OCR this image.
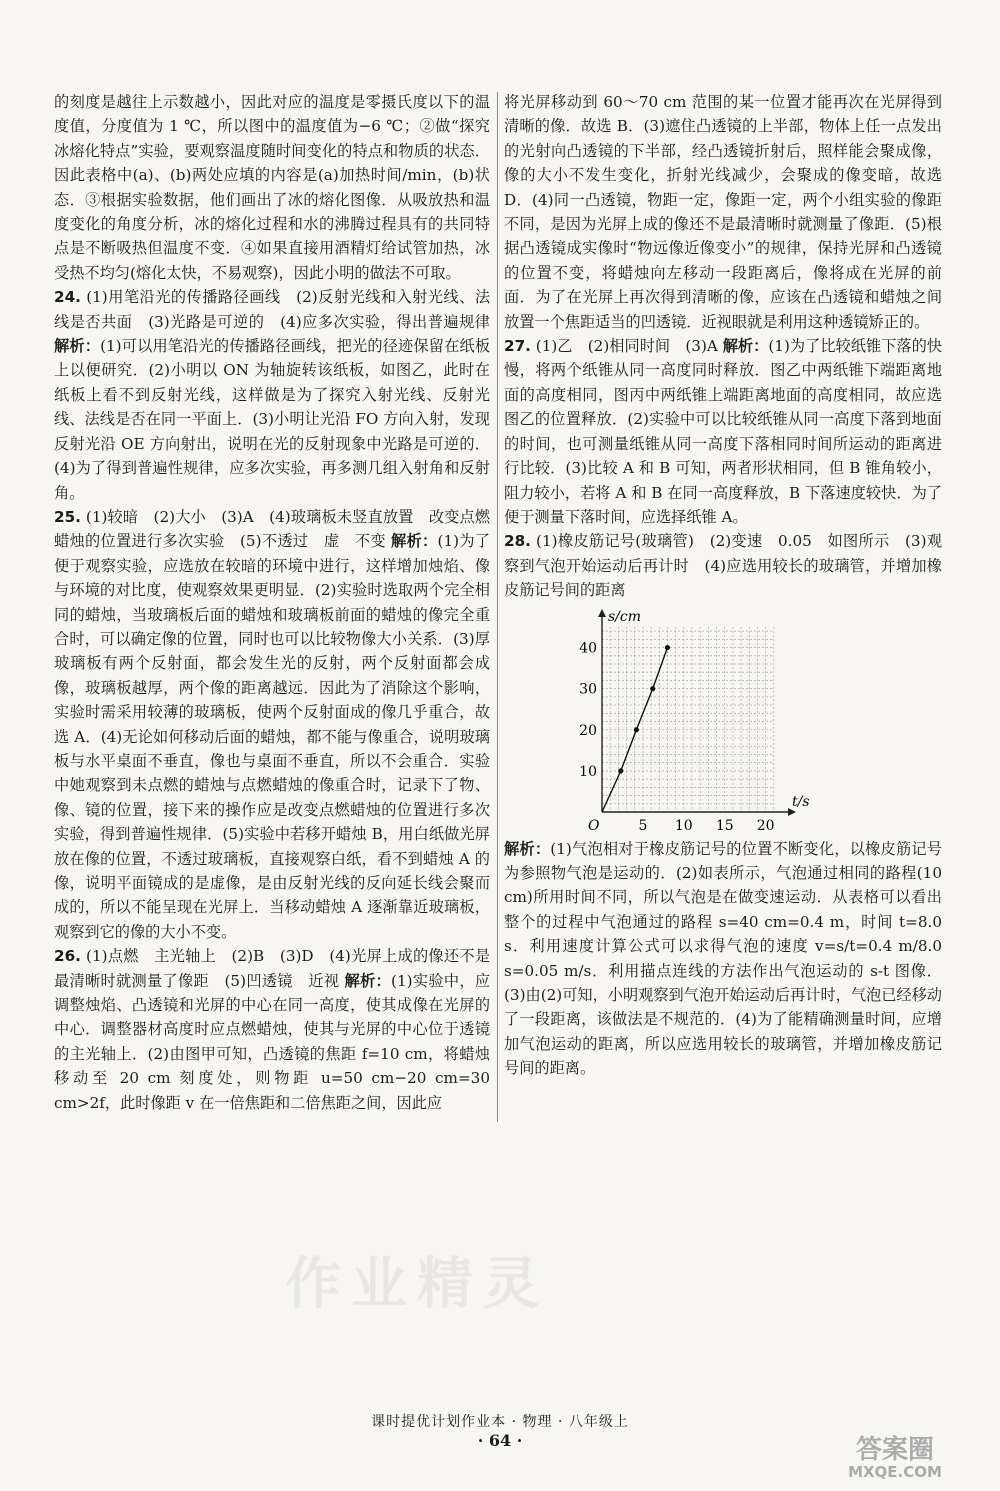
的刻度是越往上示数越小，因此对应的温度是零摄氏度以下的温度值，分度值为 1 ℃，所以图中的温度值为−6 ℃；②做“探究冰熔化特点”实验，要观察温度随时间变化的特点和物质的状态．因此表格中(a)、(b)两处应填的内容是(a)加热时间/min，(b)状态．③根据实验数据，他们画出了冰的熔化图像．从吸放热和温度变化的角度分析，冰的熔化过程和水的沸腾过程具有的共同特点是不断吸热但温度不变．④如果直接用酒精灯给试管加热，冰受热不均匀(熔化太快，不易观察)，因此小明的做法不可取。

24. (1)用笔沿光的传播路径画线　(2)反射光线和入射光线、法线是否共面　(3)光路是可逆的　(4)应多次实验，得出普遍规律 解析：(1)可以用笔沿光的传播路径画线，把光的径迹保留在纸板上以便研究．(2)小明以 ON 为轴旋转该纸板，如图乙，此时在纸板上看不到反射光线，这样做是为了探究入射光线、反射光线、法线是否在同一平面上．(3)小明让光沿 FO 方向入射，发现反射光沿 OE 方向射出，说明在光的反射现象中光路是可逆的．(4)为了得到普遍性规律，应多次实验，再多测几组入射角和反射角。

25. (1)较暗　(2)大小　(3)A　(4)玻璃板未竖直放置　改变点燃蜡烛的位置进行多次实验　(5)不透过　虚　不变 解析：(1)为了便于观察实验，应选放在较暗的环境中进行，这样增加烛焰、像与环境的对比度，使观察效果更明显．(2)实验时选取两个完全相同的蜡烛，当玻璃板后面的蜡烛和玻璃板前面的蜡烛的像完全重合时，可以确定像的位置，同时也可以比较物像大小关系．(3)厚玻璃板有两个反射面，都会发生光的反射，两个反射面都会成像，玻璃板越厚，两个像的距离越远．因此为了消除这个影响，实验时需采用较薄的玻璃板，使两个反射面成的像几乎重合，故选 A．(4)无论如何移动后面的蜡烛，都不能与像重合，说明玻璃板与水平桌面不垂直，像也与桌面不垂直，所以不会重合．实验中她观察到未点燃的蜡烛与点燃蜡烛的像重合时，记录下了物、像、镜的位置，接下来的操作应是改变点燃蜡烛的位置进行多次实验，得到普遍性规律．(5)实验中若移开蜡烛 B，用白纸做光屏放在像的位置，不透过玻璃板，直接观察白纸，看不到蜡烛 A 的像，说明平面镜成的是虚像，是由反射光线的反向延长线会聚而成的，所以不能呈现在光屏上．当移动蜡烛 A 逐渐靠近玻璃板，观察到它的像的大小不变。

26. (1)点燃　主光轴上　(2)B　(3)D　(4)光屏上成的像还不是最清晰时就测量了像距　(5)凹透镜　近视 解析：(1)实验中，应调整烛焰、凸透镜和光屏的中心在同一高度，使其成像在光屏的中心．调整器材高度时应点燃蜡烛，使其与光屏的中心位于透镜的主光轴上．(2)由图甲可知，凸透镜的焦距 f=10 cm，将蜡烛移动至 20 cm 刻度处，则物距 u=50 cm−20 cm=30 cm>2f，此时像距 v 在一倍焦距和二倍焦距之间，因此应

将光屏移动到 60～70 cm 范围的某一位置才能再次在光屏得到清晰的像．故选 B．(3)遮住凸透镜的上半部，物体上任一点发出的光射向凸透镜的下半部，经凸透镜折射后，照样能会聚成像，像的大小不发生变化，折射光线减少，会聚成的像变暗，故选 D．(4)同一凸透镜，物距一定，像距一定，两个小组实验的像距不同，是因为光屏上成的像还不是最清晰时就测量了像距．(5)根据凸透镜成实像时“物远像近像变小”的规律，保持光屏和凸透镜的位置不变，将蜡烛向左移动一段距离后，像将成在光屏的前面．为了在光屏上再次得到清晰的像，应该在凸透镜和蜡烛之间放置一个焦距适当的凹透镜．近视眼就是利用这种透镜矫正的。

27. (1)乙　(2)相同时间　(3)A 解析：(1)为了比较纸锥下落的快慢，将两个纸锥从同一高度同时释放．图乙中两纸锥下端距离地面的高度相同，图丙中两纸锥上端距离地面的高度相同，故应选图乙的位置释放．(2)实验中可以比较纸锥从同一高度下落到地面的时间，也可测量纸锥从同一高度下落相同时间所运动的距离进行比较．(3)比较 A 和 B 可知，两者形状相同，但 B 锥角较小，阻力较小，若将 A 和 B 在同一高度释放，B 下落速度较快．为了便于测量下落时间，应选择纸锥 A。

28. (1)橡皮筋记号(玻璃管)　(2)变速　0.05　如图所示　(3)观察到气泡开始运动后再计时　(4)应选用较长的玻璃管，并增加橡皮筋记号间的距离

5 10 15 20
10
20
30
40
O
t/s
s/cm

解析：(1)气泡相对于橡皮筋记号的位置不断变化，以橡皮筋记号为参照物气泡是运动的．(2)如表所示，气泡通过相同的路程(10 cm)所用时间不同，所以气泡是在做变速运动．从表格可以看出整个的过程中气泡通过的路程 s=40 cm=0.4 m，时间 t=8.0 s．利用速度计算公式可以求得气泡的速度 v=s/t=0.4 m/8.0 s=0.05 m/s．利用描点连线的方法作出气泡运动的 s-t 图像．(3)由(2)可知，小明观察到气泡开始运动后再计时，气泡已经移动了一段距离，该做法是不规范的．(4)为了能精确测量时间，应增加气泡运动的距离，所以应选用较长的玻璃管，并增加橡皮筋记号间的距离。

作业精灵
课时提优计划作业本 · 物理 · 八年级上
· 64 ·	答案圈
MXQE.COM
